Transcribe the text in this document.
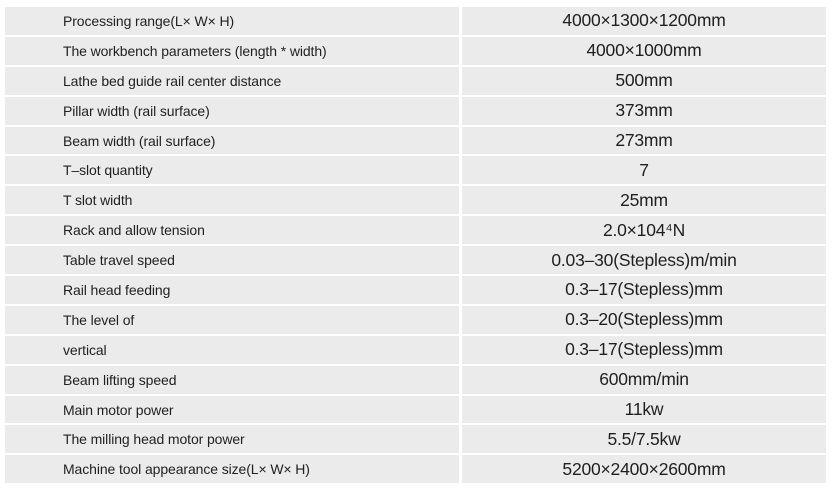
Processing range(L× W× H)	4000×1300×1200mm
The workbench parameters (length * width)	4000×1000mm
Lathe bed guide rail center distance	500mm
Pillar width (rail surface)	373mm
Beam width (rail surface)	273mm
T–slot quantity	7
T slot width	25mm
Rack and allow tension	2.0×104⁴N
Table travel speed	0.03–30(Stepless)m/min
Rail head feeding	0.3–17(Stepless)mm
The level of	0.3–20(Stepless)mm
vertical	0.3–17(Stepless)mm
Beam lifting speed	600mm/min
Main motor power	11kw
The milling head motor power	5.5/7.5kw
Machine tool appearance size(L× W× H)	5200×2400×2600mm
